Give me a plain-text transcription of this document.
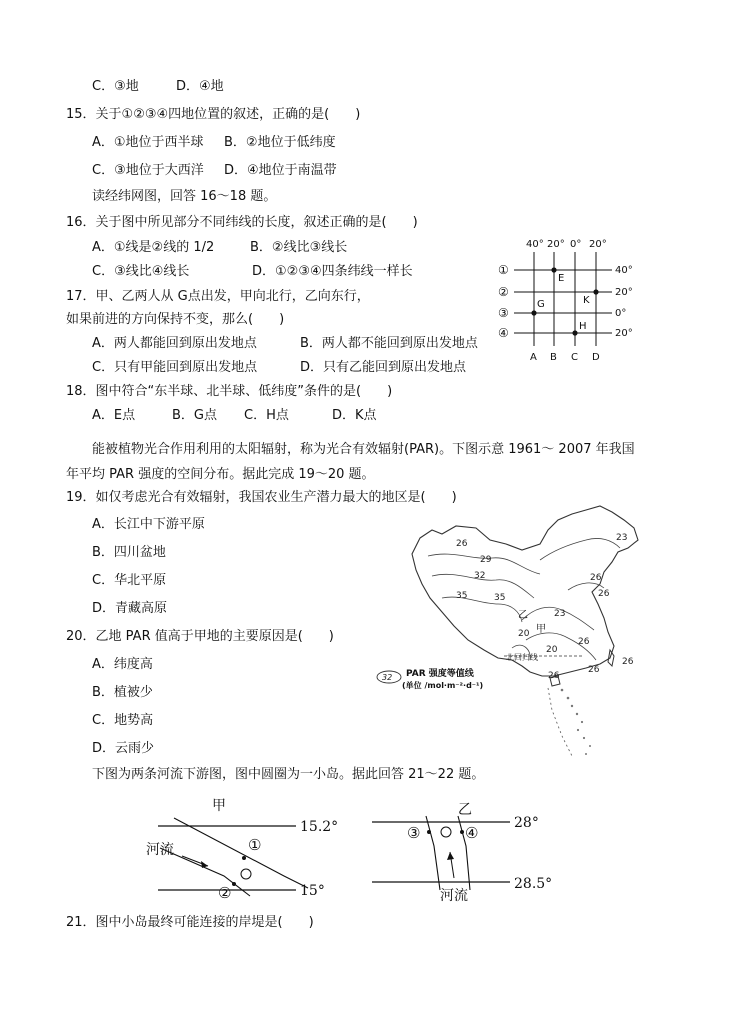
C．③地	D．④地
15．关于①②③④四地位置的叙述，正确的是(　　)
A．①地位于西半球 B．②地位于低纬度
C．③地位于大西洋 D．④地位于南温带
读经纬网图，回答 16～18 题。
16．关于图中所见部分不同纬线的长度，叙述正确的是(　　)
A．①线是②线的 1/2	B．②线比③线长
C．③线比④线长	D．①②③④四条纬线一样长
17．甲、乙两人从 G点出发，甲向北行，乙向东行，
如果前进的方向保持不变，那么(　　)
A．两人都能回到原出发地点	B．两人都不能回到原出发地点
C．只有甲能回到原出发地点	D．只有乙能回到原出发地点
18．图中符合“东半球、北半球、低纬度”条件的是(　　)
A．E点	B．G点 C．H点	D．K点
40° 20° 0° 20°
40°
20°
0°
20°
①
②
③
④
A B C D
E
G	K
H
能被植物光合作用利用的太阳辐射，称为光合有效辐射(PAR)。下图示意 1961～ 2007 年我国
年平均 PAR 强度的空间分布。据此完成 19～20 题。
19．如仅考虑光合有效辐射，我国农业生产潜力最大的地区是(　　)
A．长江中下游平原
B．四川盆地
C．华北平原
D．青藏高原
20．乙地 PAR 值高于甲地的主要原因是(　　)
A．纬度高
B．植被少
C．地势高
D．云雨少
26
23
29
32
35	35
26
26
23
20
20
26
26
26
26
乙
甲
北回归线
32 PAR 强度等值线
(单位 /mol·m⁻²·d⁻¹)
下图为两条河流下游图，图中圆圈为一小岛。据此回答 21～22 题。
甲
15.2°
15°
河流	①
②
乙
28°
28.5°
③	④
河流
21．图中小岛最终可能连接的岸堤是(　　)
